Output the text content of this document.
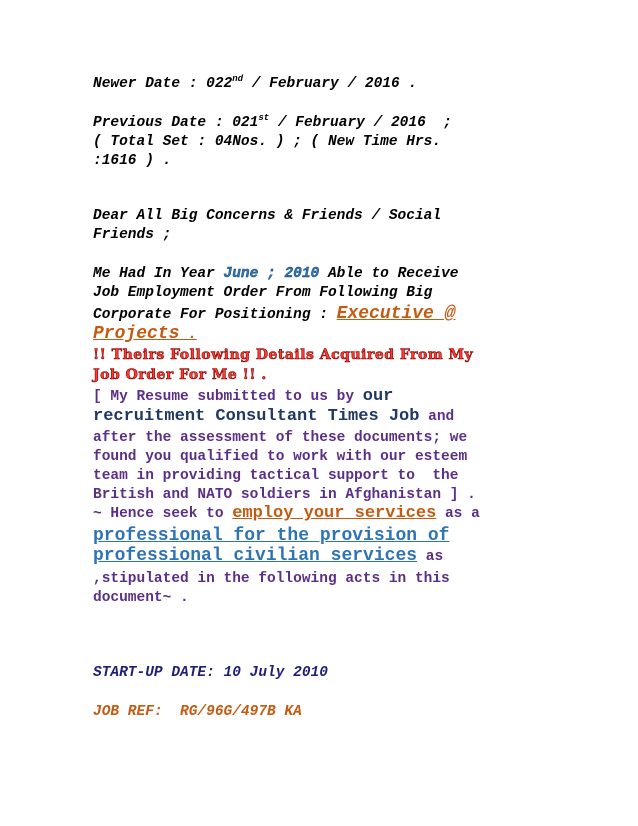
Newer Date : 022nd / February / 2016 .
Previous Date : 021st / February / 2016  ;
( Total Set : 04Nos. ) ; ( New Time Hrs.
:1616 ) .
Dear All Big Concerns & Friends / Social
Friends ;
Me Had In Year June ; 2010 Able to Receive
Job Employment Order From Following Big
Corporate For Positioning : Executive @
Projects .
!! Theirs Following Details Acquired From My
Job Order For Me !! .
[ My Resume submitted to us by our
recruitment Consultant Times Job and
after the assessment of these documents; we
found you qualified to work with our esteem
team in providing tactical support to  the
British and NATO soldiers in Afghanistan ] .
~ Hence seek to employ your services as a
professional for the provision of
professional civilian services as
,stipulated in the following acts in this
document~ .
START-UP DATE: 10 July 2010
JOB REF:  RG/96G/497B KA
